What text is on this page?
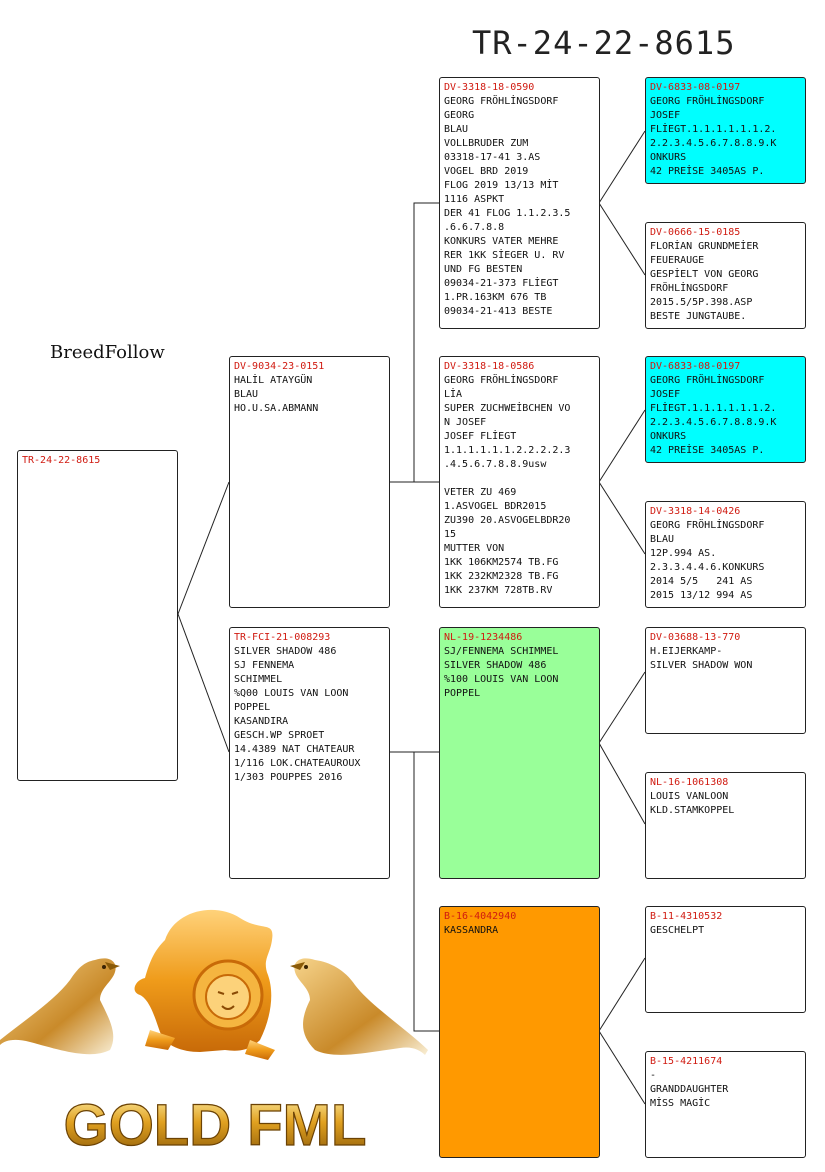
TR-24-22-8615
BreedFollow
TR-24-22-8615
DV-9034-23-0151
HALİL ATAYGÜN
BLAU
HO.U.SA.ABMANN
TR-FCI-21-008293
SILVER SHADOW 486
SJ FENNEMA
SCHIMMEL
%Q00 LOUIS VAN LOON
POPPEL
KASANDIRA
GESCH.WP SPROET
14.4389 NAT CHATEAUR
1/116 LOK.CHATEAUROUX
1/303 POUPPES 2016
DV-3318-18-0590
GEORG FRÖHLİNGSDORF
GEORG
BLAU
VOLLBRUDER ZUM
03318-17-41 3.AS
VOGEL BRD 2019
FLOG 2019 13/13 MİT
1116 ASPKT
DER 41 FLOG 1.1.2.3.5
.6.6.7.8.8
KONKURS VATER MEHRE
RER 1KK SİEGER U. RV
UND FG BESTEN
09034-21-373 FLİEGT
1.PR.163KM 676 TB
09034-21-413 BESTE
DV-3318-18-0586
GEORG FRÖHLİNGSDORF
LİA
SUPER ZUCHWEİBCHEN VO
N JOSEF
JOSEF FLİEGT
1.1.1.1.1.1.2.2.2.2.3
.4.5.6.7.8.8.9usw

VETER ZU 469
1.ASVOGEL BDR2015
ZU390 20.ASVOGELBDR20
15
MUTTER VON
1KK 106KM2574 TB.FG
1KK 232KM2328 TB.FG
1KK 237KM 728TB.RV
NL-19-1234486
SJ/FENNEMA SCHIMMEL
SILVER SHADOW 486
%100 LOUIS VAN LOON
POPPEL
B-16-4042940
KASSANDRA
DV-6833-08-0197
GEORG FRÖHLİNGSDORF
JOSEF
FLİEGT.1.1.1.1.1.1.2.
2.2.3.4.5.6.7.8.8.9.K
ONKURS
42 PREİSE 3405AS P.
DV-0666-15-0185
FLORİAN GRUNDMEİER
FEUERAUGE
GESPİELT VON GEORG
FRÖHLİNGSDORF
2015.5/5P.398.ASP
BESTE JUNGTAUBE.
DV-6833-08-0197
GEORG FRÖHLİNGSDORF
JOSEF
FLİEGT.1.1.1.1.1.1.2.
2.2.3.4.5.6.7.8.8.9.K
ONKURS
42 PREİSE 3405AS P.
DV-3318-14-0426
GEORG FRÖHLİNGSDORF
BLAU
12P.994 AS.
2.3.3.4.4.6.KONKURS
2014 5/5   241 AS
2015 13/12 994 AS
DV-03688-13-770
H.EIJERKAMP-
SILVER SHADOW WON
NL-16-1061308
LOUIS VANLOON
KLD.STAMKOPPEL
B-11-4310532
GESCHELPT
B-15-4211674
-
GRANDDAUGHTER
MİSS MAGİC
GOLD FML
